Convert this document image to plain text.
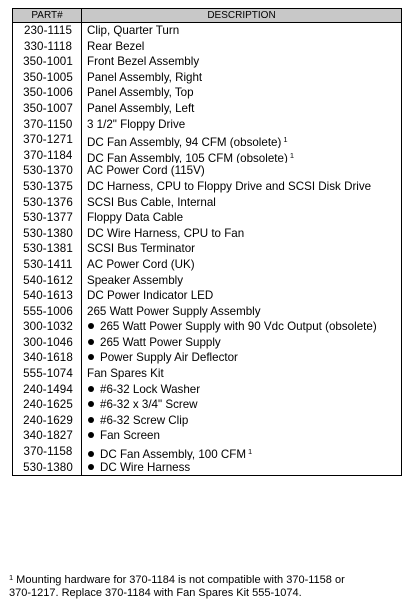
PART#	DESCRIPTION
230-1115	Clip, Quarter Turn
330-1118	Rear Bezel
350-1001	Front Bezel Assembly
350-1005	Panel Assembly, Right
350-1006	Panel Assembly, Top
350-1007	Panel Assembly, Left
370-1150	3 1/2" Floppy Drive
370-1271	DC Fan Assembly, 94 CFM (obsolete) $^1$
370-1184	DC Fan Assembly, 105 CFM (obsolete) $^1$
530-1370	AC Power Cord (115V)
530-1375	DC Harness, CPU to Floppy Drive and SCSI Disk Drive
530-1376	SCSI Bus Cable, Internal
530-1377	Floppy Data Cable
530-1380	DC Wire Harness, CPU to Fan
530-1381	SCSI Bus Terminator
530-1411	AC Power Cord (UK)
540-1612	Speaker Assembly
540-1613	DC Power Indicator LED
555-1006	265 Watt Power Supply Assembly
300-1032	265 Watt Power Supply with 90 Vdc Output (obsolete)
300-1046	265 Watt Power Supply
340-1618	Power Supply Air Deflector
555-1074	Fan Spares Kit
240-1494	#6-32 Lock Washer
240-1625	#6-32 x 3/4" Screw
240-1629	#6-32 Screw Clip
340-1827	Fan Screen
370-1158	DC Fan Assembly, 100 CFM $^1$
530-1380	DC Wire Harness
$^1$ Mounting hardware for 370-1184 is not compatible with 370-1158 or
370-1217. Replace 370-1184 with Fan Spares Kit 555-1074.
